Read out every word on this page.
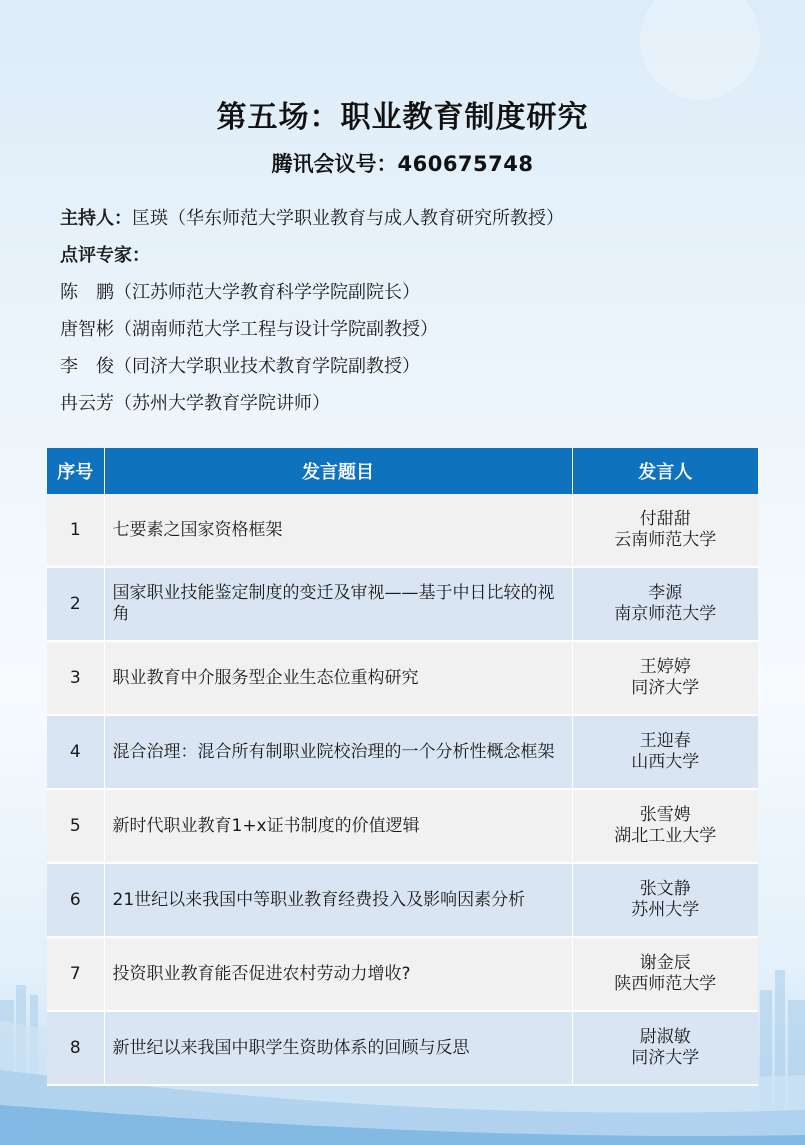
第五场：职业教育制度研究
腾讯会议号：460675748
主持人：匡瑛（华东师范大学职业教育与成人教育研究所教授）
点评专家：
陈　鹏（江苏师范大学教育科学学院副院长）
唐智彬（湖南师范大学工程与设计学院副教授）
李　俊（同济大学职业技术教育学院副教授）
冉云芳（苏州大学教育学院讲师）
序号	发言题目	发言人
1	七要素之国家资格框架	付甜甜
云南师范大学

2	国家职业技能鉴定制度的变迁及审视——基于中日比较的视角	李源
南京师范大学

3	职业教育中介服务型企业生态位重构研究	王婷婷
同济大学

4	混合治理：混合所有制职业院校治理的一个分析性概念框架	王迎春
山西大学

5	新时代职业教育1+x证书制度的价值逻辑	张雪娉
湖北工业大学

6	21世纪以来我国中等职业教育经费投入及影响因素分析	张文静
苏州大学

7	投资职业教育能否促进农村劳动力增收?	谢金辰
陕西师范大学

8	新世纪以来我国中职学生资助体系的回顾与反思	尉淑敏
同济大学
